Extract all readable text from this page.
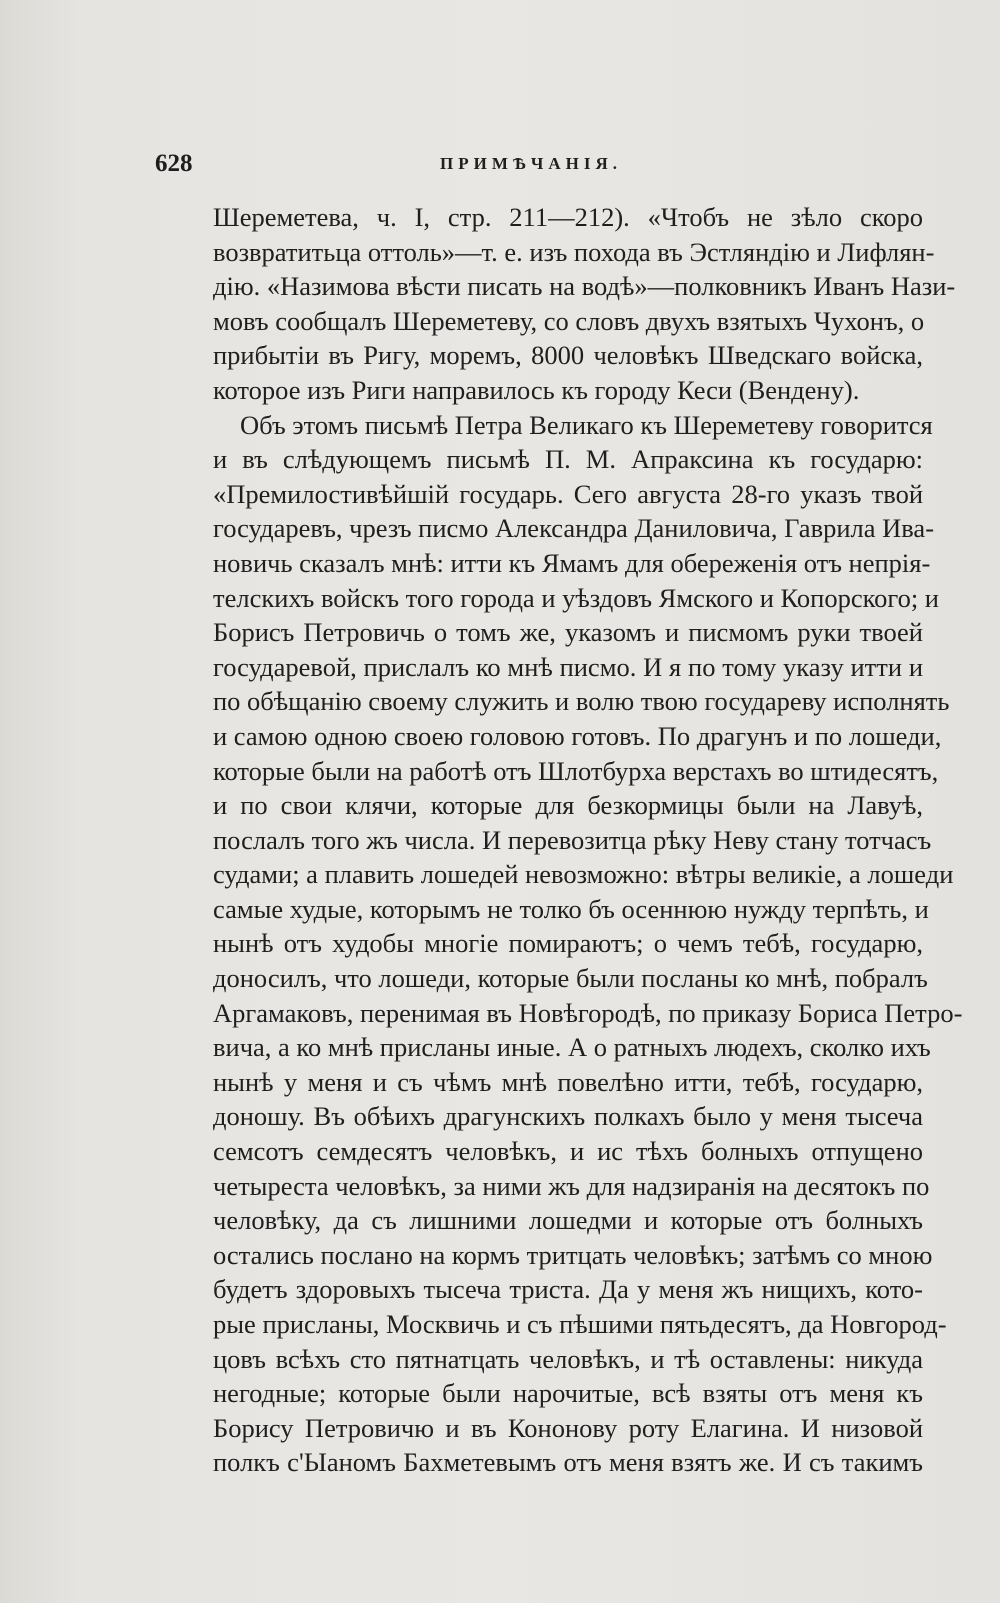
628	ПРИМѢЧАНІЯ.
Шереметева, ч. I, стр. 211—212). «Чтобъ не зѣло скоро
возвратитьца оттоль»—т. е. изъ похода въ Эстляндію и Лифлян-
дію. «Назимова вѣсти писать на водѣ»—полковникъ Иванъ Нази-
мовъ сообщалъ Шереметеву, со словъ двухъ взятыхъ Чухонъ, о
прибытіи въ Ригу, моремъ, 8000 человѣкъ Шведскаго войска,
которое изъ Риги направилось къ городу Кеси (Вендену).
Объ этомъ письмѣ Петра Великаго къ Шереметеву говорится
и въ слѣдующемъ письмѣ П. М. Апраксина къ государю:
«Премилостивѣйшій государь. Сего августа 28-го указъ твой
государевъ, чрезъ писмо Александра Даниловича, Гаврила Ива-
новичь сказалъ мнѣ: итти къ Ямамъ для обереженія отъ непрія-
телскихъ войскъ того города и уѣздовъ Ямского и Копорского; и
Борисъ Петровичь о томъ же, указомъ и писмомъ руки твоей
государевой, прислалъ ко мнѣ писмо. И я по тому указу итти и
по обѣщанію своему служить и волю твою государеву исполнять
и самою одною своею головою готовъ. По драгунъ и по лошеди,
которые были на работѣ отъ Шлотбурха верстахъ во штидесятъ,
и по свои клячи, которые для безкормицы были на Лавуѣ,
послалъ того жъ числа. И перевозитца рѣку Неву стану тотчасъ
судами; а плавить лошедей невозможно: вѣтры великіе, а лошеди
самые худые, которымъ не толко бъ осеннюю нужду терпѣть, и
нынѣ отъ худобы многіе помираютъ; о чемъ тебѣ, государю,
доносилъ, что лошеди, которые были посланы ко мнѣ, побралъ
Аргамаковъ, перенимая въ Новѣгородѣ, по приказу Бориса Петро-
вича, а ко мнѣ присланы иные. А о ратныхъ людехъ, сколко ихъ
нынѣ у меня и съ чѣмъ мнѣ повелѣно итти, тебѣ, государю,
доношу. Въ обѣихъ драгунскихъ полкахъ было у меня тысеча
семсотъ семдесятъ человѣкъ, и ис тѣхъ болныхъ отпущено
четыреста человѣкъ, за ними жъ для надзиранія на десятокъ по
человѣку, да съ лишними лошедми и которые отъ болныхъ
остались послано на кормъ тритцать человѣкъ; затѣмъ со мною
будетъ здоровыхъ тысеча триста. Да у меня жъ нищихъ, кото-
рые присланы, Москвичь и съ пѣшими пятьдесятъ, да Новгород-
цовъ всѣхъ сто пятнатцать человѣкъ, и тѣ оставлены: никуда
негодные; которые были нарочитые, всѣ взяты отъ меня къ
Борису Петровичю и въ Кононову роту Елагина. И низовой
полкъ с'Ыаномъ Бахметевымъ отъ меня взятъ же. И съ такимъ
